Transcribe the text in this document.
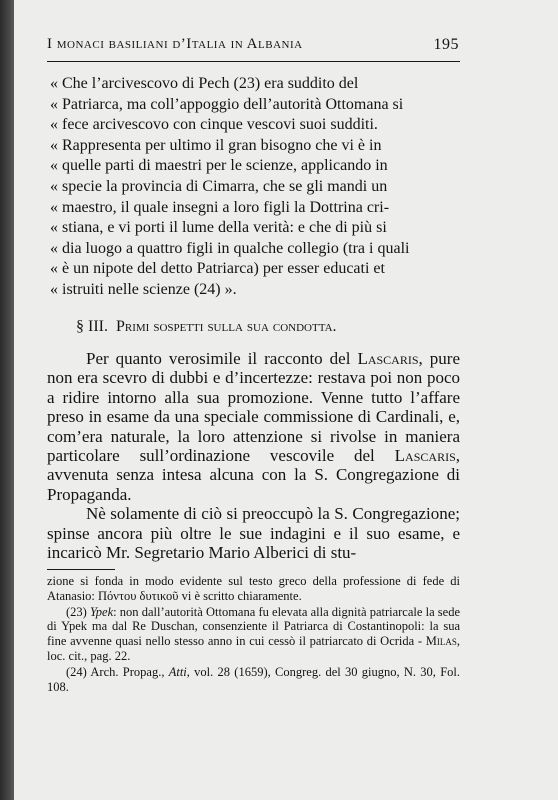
I monaci basiliani d’Italia in Albania	195

« Che l’arcivescovo di Pech (23) era suddito del

« Patriarca, ma coll’appoggio dell’autorità Ottomana si

« fece arcivescovo con cinque vescovi suoi sudditi.

« Rappresenta per ultimo il gran bisogno che vi è in

« quelle parti di maestri per le scienze, applicando in

« specie la provincia di Cimarra, che se gli mandi un

« maestro, il quale insegni a loro figli la Dottrina cri-

« stiana, e vi porti il lume della verità: e che di più si

« dia luogo a quattro figli in qualche collegio (tra i quali

« è un nipote del detto Patriarca) per esser educati et

« istruiti nelle scienze (24) ».

§ III. Primi sospetti sulla sua condotta.

Per quanto verosimile il racconto del Lascaris, pure non era scevro di dubbi e d’incertezze: restava poi non poco a ridire intorno alla sua promozione. Venne tutto l’affare preso in esame da una speciale commissione di Cardinali, e, com’era naturale, la loro attenzione si rivolse in maniera particolare sull’ordinazione vescovile del Lascaris, avvenuta senza intesa alcuna con la S. Congregazione di Propaganda.

Nè solamente di ciò si preoccupò la S. Congregazione; spinse ancora più oltre le sue indagini e il suo esame, e incaricò Mr. Segretario Mario Alberici di stu-

zione si fonda in modo evidente sul testo greco della professione di fede di Atanasio: Πόντου δυτικοῦ vi è scritto chiaramente.

(23) Ypek: non dall’autorità Ottomana fu elevata alla dignità patriarcale la sede di Ypek ma dal Re Duschan, consenziente il Patriarca di Costantinopoli: la sua fine avvenne quasi nello stesso anno in cui cessò il patriarcato di Ocrida - Milas, loc. cit., pag. 22.

(24) Arch. Propag., Atti, vol. 28 (1659), Congreg. del 30 giugno, N. 30, Fol. 108.
